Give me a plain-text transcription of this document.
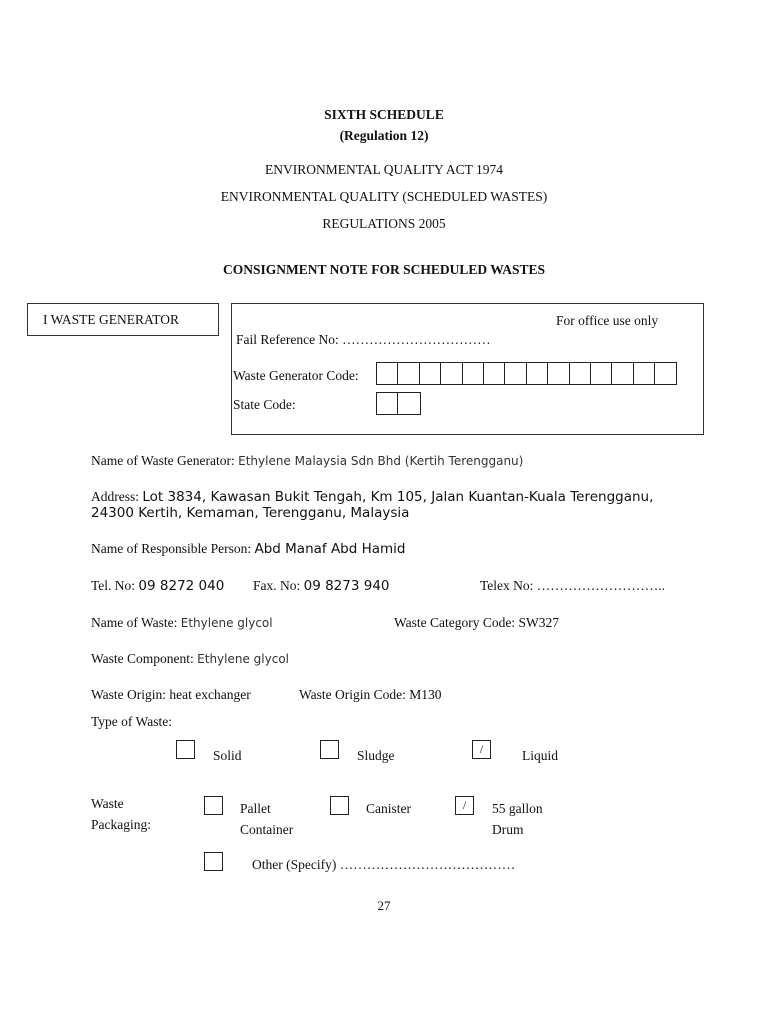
SIXTH SCHEDULE
(Regulation 12)
ENVIRONMENTAL QUALITY ACT 1974
ENVIRONMENTAL QUALITY (SCHEDULED WASTES)
REGULATIONS 2005
CONSIGNMENT NOTE FOR SCHEDULED WASTES
I WASTE GENERATOR	For office use only
Fail Reference No: ……………………………
Waste Generator Code:
State Code:
Name of Waste Generator: Ethylene Malaysia Sdn Bhd (Kertih Terengganu)
Address: Lot 3834, Kawasan Bukit Tengah, Km 105, Jalan Kuantan-Kuala Terengganu,
24300 Kertih, Kemaman, Terengganu, Malaysia
Name of Responsible Person: Abd Manaf Abd Hamid
Tel. No: 09 8272 040 Fax. No: 09 8273 940	Telex No: ………………………..
Name of Waste: Ethylene glycol	Waste Category Code: SW327
Waste Component: Ethylene glycol
Waste Origin: heat exchanger	Waste Origin Code: M130
Type of Waste:
Solid	Sludge	/	Liquid
Waste
Packaging:
Pallet
Container
Canister	/	55 gallon
Drum
Other (Specify) …………………………………
27
